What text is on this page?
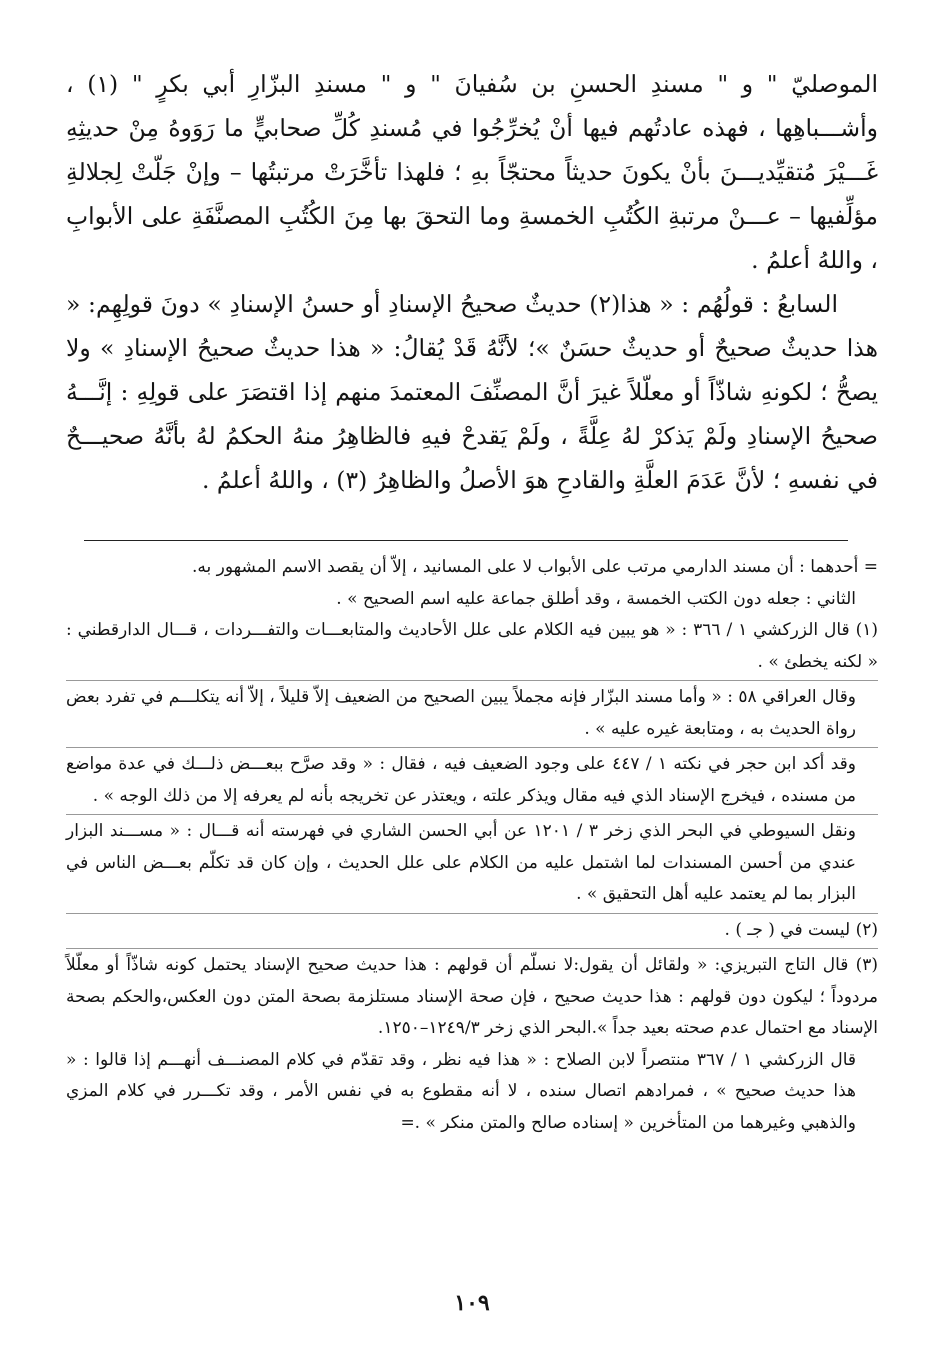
الموصليّ " و " مسندِ الحسنِ بن سُفيانَ " و " مسندِ البزّارِ أبي بكرٍ " (١) ، وأشـــباهِها ، فهذه عادتُهم فيها أنْ يُخرِّجُوا في مُسندِ كُلِّ صحابيٍّ ما رَوَوهُ مِنْ حديثِهِ غَـــيْرَ مُتقيِّديـــنَ بأنْ يكونَ حديثاً محتجّاً بهِ ؛ فلهذا تأخَّرَتْ مرتبتُها – وإنْ جَلّتْ لِجلالةِ مؤلِّفيها – عـــنْ مرتبةِ الكُتُبِ الخمسةِ وما التحقَ بها مِنَ الكُتُبِ المصنَّفَةِ على الأبوابِ ، واللهُ أعلمُ .

السابعُ : قولُهُم : « هذا(٢) حديثٌ صحيحُ الإسنادِ أو حسنُ الإسنادِ » دونَ قولِهِم: « هذا حديثٌ صحيحٌ أو حديثٌ حسَنٌ »؛ لأنَّهُ قَدْ يُقالُ: « هذا حديثٌ صحيحُ الإسنادِ » ولا يصحُّ ؛ لكونهِ شاذّاً أو معلّلاً غيرَ أنَّ المصنِّفَ المعتمدَ منهم إذا اقتصَرَ على قولِهِ : إنَّـــهُ صحيحُ الإسنادِ ولَمْ يَذكرْ لهُ عِلَّةً ، ولَمْ يَقدحْ فيهِ فالظاهِرُ منهُ الحكمُ لهُ بأنَّهُ صحيـــحٌ في نفسهِ ؛ لأنَّ عَدَمَ العلَّةِ والقادحِ هوَ الأصلُ والظاهِرُ (٣) ، واللهُ أعلمُ .

= أحدهما : أن مسند الدارمي مرتب على الأبواب لا على المسانيد ، إلاّ أن يقصد الاسم المشهور به.

الثاني : جعله دون الكتب الخمسة ، وقد أطلق جماعة عليه اسم الصحيح » .

(١) قال الزركشي ١ / ٣٦٦ : « هو يبين فيه الكلام على علل الأحاديث والمتابعـــات والتفـــردات ، قـــال الدارقطني : « لكنه يخطئ » .

وقال العراقي ٥٨ : « وأما مسند البزّار فإنه مجملاً يبين الصحيح من الضعيف إلاّ قليلاً ، إلاّ أنه يتكلـــم في تفرد بعض رواة الحديث به ، ومتابعة غيره عليه » .

وقد أكد ابن حجر في نكته ١ / ٤٤٧ على وجود الضعيف فيه ، فقال : « وقد صرَّح ببعـــض ذلـــك في عدة مواضع من مسنده ، فيخرج الإسناد الذي فيه مقال ويذكر علته ، ويعتذر عن تخريجه بأنه لم يعرفه إلا من ذلك الوجه » .

ونقل السيوطي في البحر الذي زخر ٣ / ١٢٠١ عن أبي الحسن الشاري في فهرسته أنه قـــال : « مســـند البزار عندي من أحسن المسندات لما اشتمل عليه من الكلام على علل الحديث ، وإن كان قد تكلّم بعـــض الناس في البزار بما لم يعتمد عليه أهل التحقيق » .

(٢) ليست في ( جـ ) .

(٣) قال التاج التبريزي: « ولقائل أن يقول:لا نسلّم أن قولهم : هذا حديث صحيح الإسناد يحتمل كونه شاذّاً أو معلّلاً مردوداً ؛ ليكون دون قولهم : هذا حديث صحيح ، فإن صحة الإسناد مستلزمة بصحة المتن دون العكس،والحكم بصحة الإسناد مع احتمال عدم صحته بعيد جداً ».البحر الذي زخر ١٢٤٩/٣–١٢٥٠.

قال الزركشي ١ / ٣٦٧ منتصراً لابن الصلاح : « هذا فيه نظر ، وقد تقدّم في كلام المصنـــف أنهـــم إذا قالوا : « هذا حديث صحيح » ، فمرادهم اتصال سنده ، لا أنه مقطوع به في نفس الأمر ، وقد تكـــرر في كلام المزي والذهبي وغيرهما من المتأخرين « إسناده صالح والمتن منكر » .=

١٠٩
